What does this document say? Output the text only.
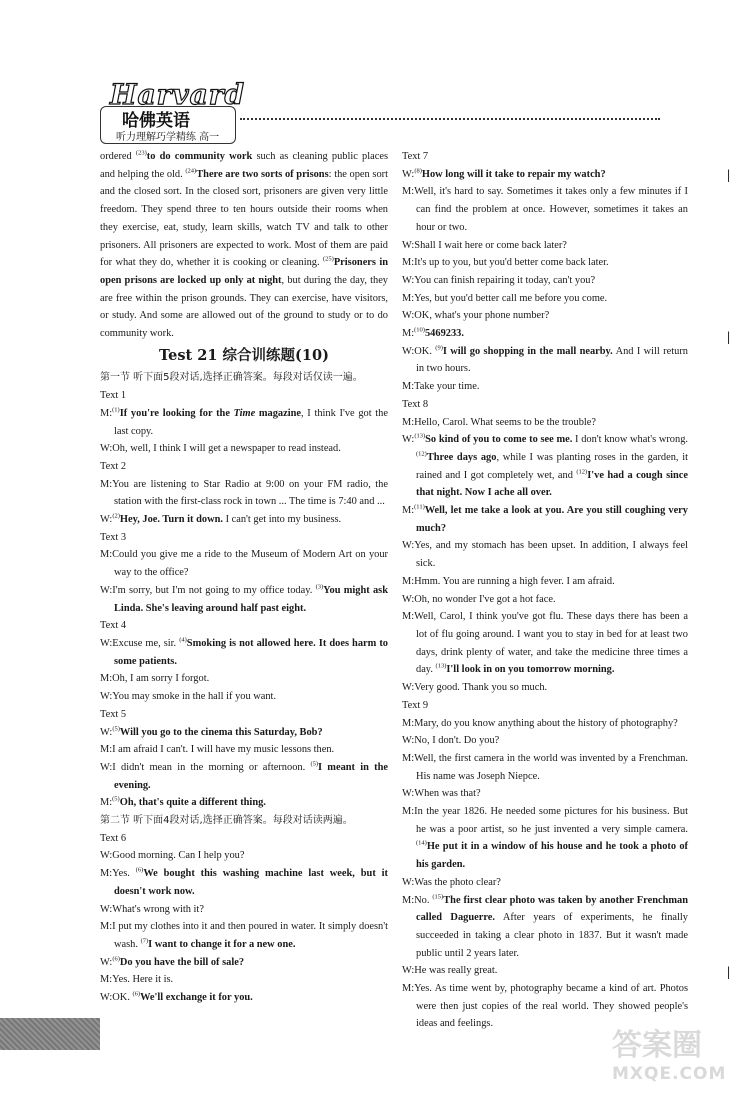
Harvard
哈佛英语
听力理解巧学精练 高一

ordered $^{(23)}$to do community work such as cleaning public places and helping the old. $^{(24)}$There are two sorts of prisons: the open sort and the closed sort. In the closed sort, prisoners are given very little freedom. They spend three to ten hours outside their rooms when they exercise, eat, study, learn skills, watch TV and talk to other prisoners. All prisoners are expected to work. Most of them are paid for what they do, whether it is cooking or cleaning. $^{(25)}$Prisoners in open prisons are locked up only at night, but during the day, they are free within the prison grounds. They can exercise, have visitors, or study. And some are allowed out of the ground to study or to do community work.

Test 21 综合训练题(10)
第一节 听下面5段对话,选择正确答案。每段对话仅读一遍。

Text 1

M:$^{(1)}$If you're looking for the Time magazine, I think I've got the last copy.

W:Oh, well, I think I will get a newspaper to read instead.

Text 2

M:You are listening to Star Radio at 9:00 on your FM radio, the station with the first-class rock in town ... The time is 7:40 and ...

W:$^{(2)}$Hey, Joe. Turn it down. I can't get into my business.

Text 3

M:Could you give me a ride to the Museum of Modern Art on your way to the office?

W:I'm sorry, but I'm not going to my office today. $^{(3)}$You might ask Linda. She's leaving around half past eight.

Text 4

W:Excuse me, sir. $^{(4)}$Smoking is not allowed here. It does harm to some patients.

M:Oh, I am sorry I forgot.

W:You may smoke in the hall if you want.

Text 5

W:$^{(5)}$Will you go to the cinema this Saturday, Bob?

M:I am afraid I can't. I will have my music lessons then.

W:I didn't mean in the morning or afternoon. $^{(5)}$I meant in the evening.

M:$^{(5)}$Oh, that's quite a different thing.

第二节 听下面4段对话,选择正确答案。每段对话读两遍。

Text 6

W:Good morning. Can I help you?

M:Yes. $^{(6)}$We bought this washing machine last week, but it doesn't work now.

W:What's wrong with it?

M:I put my clothes into it and then poured in water. It simply doesn't wash. $^{(7)}$I want to change it for a new one.

W:$^{(6)}$Do you have the bill of sale?

M:Yes. Here it is.

W:OK. $^{(6)}$We'll exchange it for you.

Text 7

W:$^{(8)}$How long will it take to repair my watch?

M:Well, it's hard to say. Sometimes it takes only a few minutes if I can find the problem at once. However, sometimes it takes an hour or two.

W:Shall I wait here or come back later?

M:It's up to you, but you'd better come back later.

W:You can finish repairing it today, can't you?

M:Yes, but you'd better call me before you come.

W:OK, what's your phone number?

M:$^{(10)}$5469233.

W:OK. $^{(9)}$I will go shopping in the mall nearby. And I will return in two hours.

M:Take your time.

Text 8

M:Hello, Carol. What seems to be the trouble?

W:$^{(13)}$So kind of you to come to see me. I don't know what's wrong. $^{(12)}$Three days ago, while I was planting roses in the garden, it rained and I got completely wet, and $^{(12)}$I've had a cough since that night. Now I ache all over.

M:$^{(11)}$Well, let me take a look at you. Are you still coughing very much?

W:Yes, and my stomach has been upset. In addition, I always feel sick.

M:Hmm. You are running a high fever. I am afraid.

W:Oh, no wonder I've got a hot face.

M:Well, Carol, I think you've got flu. These days there has been a lot of flu going around. I want you to stay in bed for at least two days, drink plenty of water, and take the medicine three times a day. $^{(13)}$I'll look in on you tomorrow morning.

W:Very good. Thank you so much.

Text 9

M:Mary, do you know anything about the history of photography?

W:No, I don't. Do you?

M:Well, the first camera in the world was invented by a Frenchman. His name was Joseph Niepce.

W:When was that?

M:In the year 1826. He needed some pictures for his business. But he was a poor artist, so he just invented a very simple camera. $^{(14)}$He put it in a window of his house and he took a photo of his garden.

W:Was the photo clear?

M:No. $^{(15)}$The first clear photo was taken by another Frenchman called Daguerre. After years of experiments, he finally succeeded in taking a clear photo in 1837. But it wasn't made public until 2 years later.

W:He was really great.

M:Yes. As time went by, photography became a kind of art. Photos were then just copies of the real world. They showed people's ideas and feelings.

|
|
|
答案圈
MXQE.COM
